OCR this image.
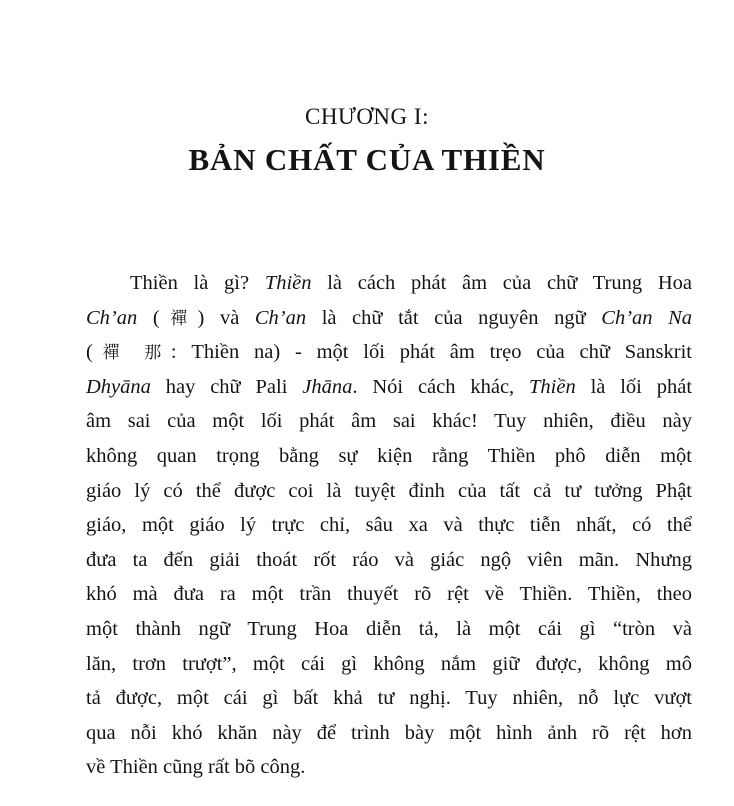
CHƯƠNG I:
BẢN CHẤT CỦA THIỀN
Thiền là gì? Thiền là cách phát âm của chữ Trung Hoa
Ch’an (禪) và Ch’an là chữ tắt của nguyên ngữ Ch’an Na
(禪 那: Thiền na) - một lối phát âm trẹo của chữ Sanskrit
Dhyāna hay chữ Pali Jhāna. Nói cách khác, Thiền là lối phát
âm sai của một lối phát âm sai khác! Tuy nhiên, điều này
không quan trọng bằng sự kiện rằng Thiền phô diễn một
giáo lý có thể được coi là tuyệt đỉnh của tất cả tư tưởng Phật
giáo, một giáo lý trực chỉ, sâu xa và thực tiễn nhất, có thể
đưa ta đến giải thoát rốt ráo và giác ngộ viên mãn. Nhưng
khó mà đưa ra một trần thuyết rõ rệt về Thiền. Thiền, theo
một thành ngữ Trung Hoa diễn tả, là một cái gì “tròn và
lăn, trơn trượt”, một cái gì không nắm giữ được, không mô
tả được, một cái gì bất khả tư nghị. Tuy nhiên, nỗ lực vượt
qua nỗi khó khăn này để trình bày một hình ảnh rõ rệt hơn
về Thiền cũng rất bõ công.
